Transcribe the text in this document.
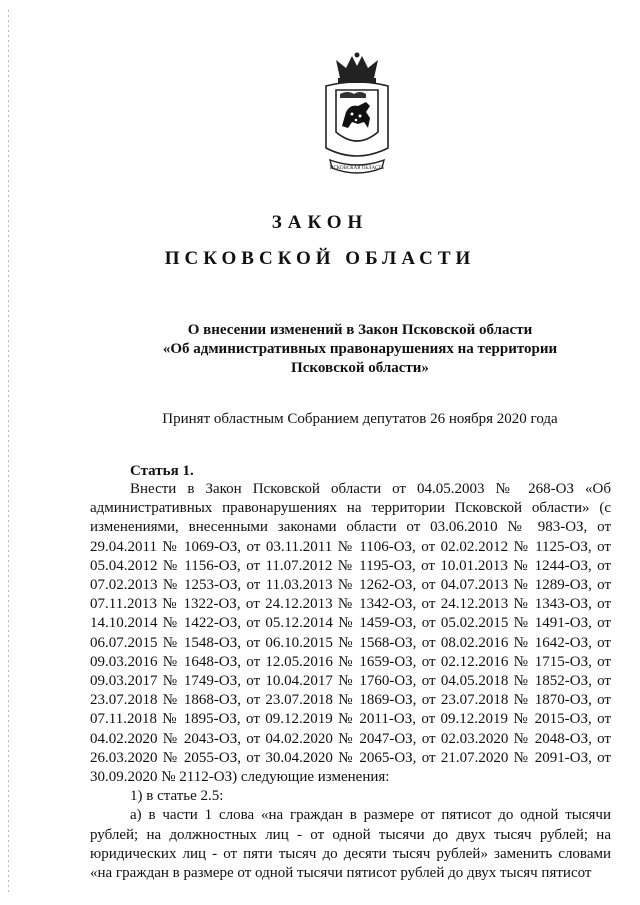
ПСКОВСКАЯ ОБЛАСТЬ
ЗАКОН
ПСКОВСКОЙ ОБЛАСТИ
О внесении изменений в Закон Псковской области
«Об административных правонарушениях на территории
Псковской области»
Принят областным Собранием депутатов 26 ноября 2020 года
Статья 1.

Внести в Закон Псковской области от 04.05.2003 № 268-ОЗ «Об административных правонарушениях на территории Псковской области» (с изменениями, внесенными законами области от 03.06.2010 № 983-ОЗ, от 29.04.2011 № 1069-ОЗ, от 03.11.2011 № 1106-ОЗ, от 02.02.2012 № 1125-ОЗ, от 05.04.2012 № 1156-ОЗ, от 11.07.2012 № 1195-ОЗ, от 10.01.2013 № 1244-ОЗ, от 07.02.2013 № 1253-ОЗ, от 11.03.2013 № 1262-ОЗ, от 04.07.2013 № 1289-ОЗ, от 07.11.2013 № 1322-ОЗ, от 24.12.2013 № 1342-ОЗ, от 24.12.2013 № 1343-ОЗ, от 14.10.2014 № 1422-ОЗ, от 05.12.2014 № 1459-ОЗ, от 05.02.2015 № 1491-ОЗ, от 06.07.2015 № 1548-ОЗ, от 06.10.2015 № 1568-ОЗ, от 08.02.2016 № 1642-ОЗ, от 09.03.2016 № 1648-ОЗ, от 12.05.2016 № 1659-ОЗ, от 02.12.2016 № 1715-ОЗ, от 09.03.2017 № 1749-ОЗ, от 10.04.2017 № 1760-ОЗ, от 04.05.2018 № 1852-ОЗ, от 23.07.2018 № 1868-ОЗ, от 23.07.2018 № 1869-ОЗ, от 23.07.2018 № 1870-ОЗ, от 07.11.2018 № 1895-ОЗ, от 09.12.2019 № 2011-ОЗ, от 09.12.2019 № 2015-ОЗ, от 04.02.2020 № 2043-ОЗ, от 04.02.2020 № 2047-ОЗ, от 02.03.2020 № 2048-ОЗ, от 26.03.2020 № 2055-ОЗ, от 30.04.2020 № 2065-ОЗ, от 21.07.2020 № 2091-ОЗ, от 30.09.2020 № 2112-ОЗ) следующие изменения:

1) в статье 2.5:

а) в части 1 слова «на граждан в размере от пятисот до одной тысячи рублей; на должностных лиц - от одной тысячи до двух тысяч рублей; на юридических лиц - от пяти тысяч до десяти тысяч рублей» заменить словами «на граждан в размере от одной тысячи пятисот рублей до двух тысяч пятисот
